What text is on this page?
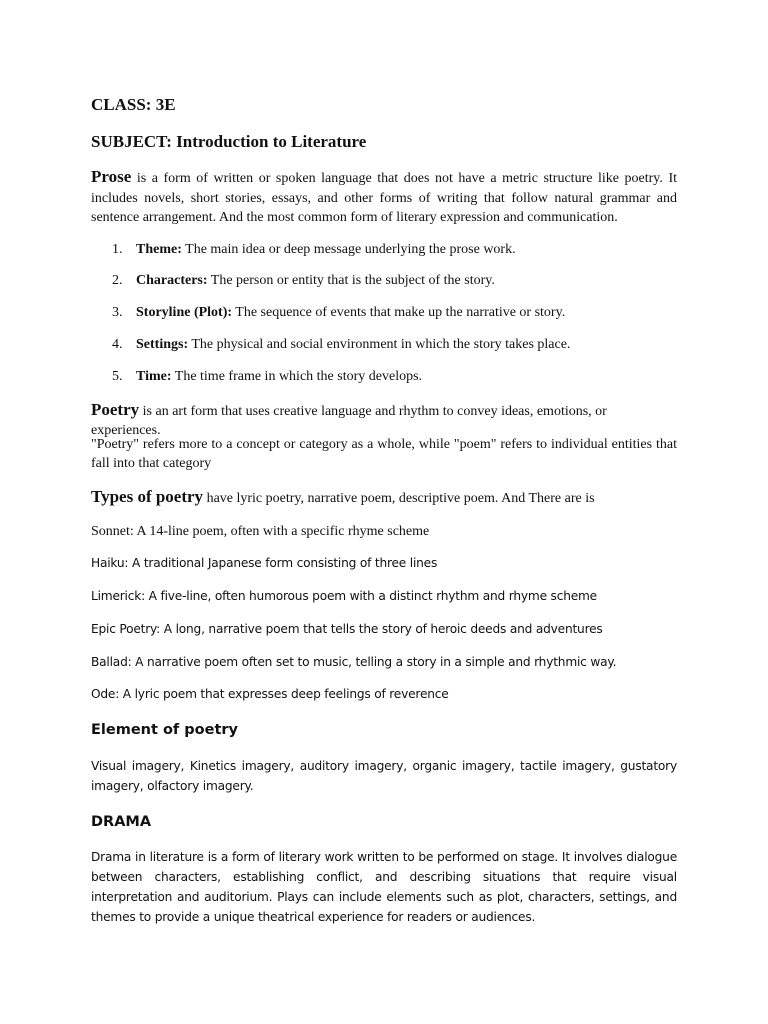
CLASS: 3E

SUBJECT: Introduction to Literature

Prose is a form of written or spoken language that does not have a metric structure like poetry. It includes novels, short stories, essays, and other forms of writing that follow natural grammar and sentence arrangement. And the most common form of literary expression and communication.

1. Theme: The main idea or deep message underlying the prose work.
2. Characters: The person or entity that is the subject of the story.
3. Storyline (Plot): The sequence of events that make up the narrative or story.
4. Settings: The physical and social environment in which the story takes place.
5. Time: The time frame in which the story develops.

Poetry is an art form that uses creative language and rhythm to convey ideas, emotions, or experiences.

"Poetry" refers more to a concept or category as a whole, while "poem" refers to individual entities that fall into that category

Types of poetry have lyric poetry, narrative poem, descriptive poem. And There are is

Sonnet: A 14-line poem, often with a specific rhyme scheme

Haiku: A traditional Japanese form consisting of three lines

Limerick: A five-line, often humorous poem with a distinct rhythm and rhyme scheme

Epic Poetry: A long, narrative poem that tells the story of heroic deeds and adventures

Ballad: A narrative poem often set to music, telling a story in a simple and rhythmic way.

Ode: A lyric poem that expresses deep feelings of reverence

Element of poetry

Visual imagery, Kinetics imagery, auditory imagery, organic imagery, tactile imagery, gustatory imagery, olfactory imagery.

DRAMA

Drama in literature is a form of literary work written to be performed on stage. It involves dialogue between characters, establishing conflict, and describing situations that require visual interpretation and auditorium. Plays can include elements such as plot, characters, settings, and themes to provide a unique theatrical experience for readers or audiences.
